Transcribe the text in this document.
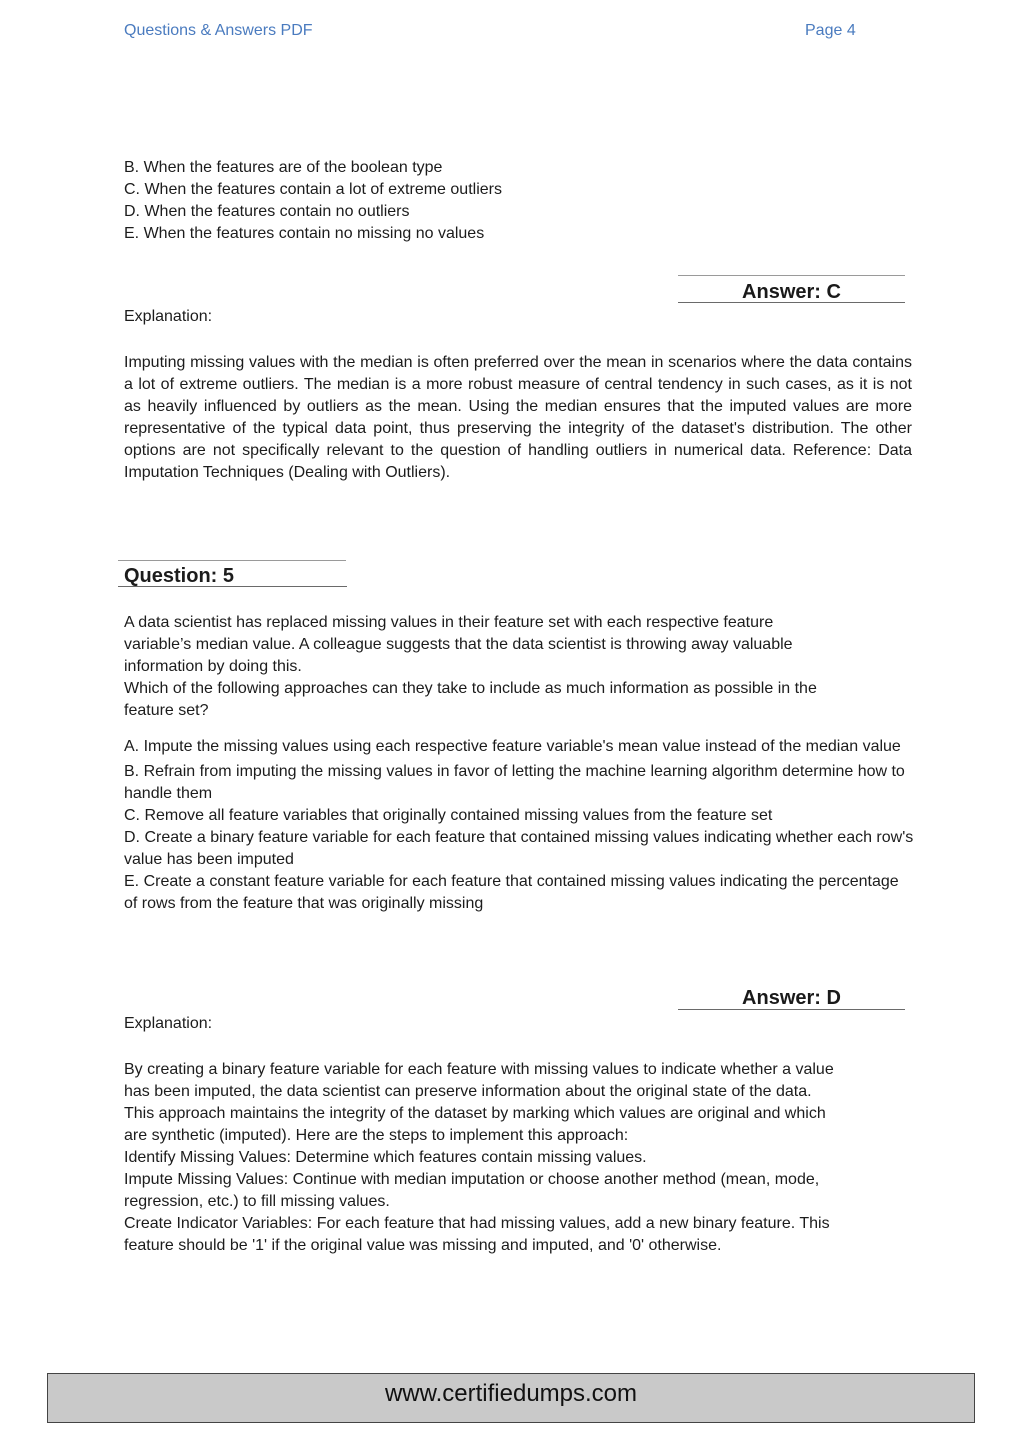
Questions & Answers PDF	Page 4
B. When the features are of the boolean type
C. When the features contain a lot of extreme outliers
D. When the features contain no outliers
E. When the features contain no missing no values
Answer: C
Explanation:
Imputing missing values with the median is often preferred over the mean in scenarios where the data contains a lot of extreme outliers. The median is a more robust measure of central tendency in such cases, as it is not as heavily influenced by outliers as the mean. Using the median ensures that the imputed values are more representative of the typical data point, thus preserving the integrity of the dataset's distribution. The other options are not specifically relevant to the question of handling outliers in numerical data. Reference: Data Imputation Techniques (Dealing with Outliers).
Question: 5
A data scientist has replaced missing values in their feature set with each respective feature
variable’s median value. A colleague suggests that the data scientist is throwing away valuable
information by doing this.
Which of the following approaches can they take to include as much information as possible in the
feature set?
A. Impute the missing values using each respective feature variable's mean value instead of the median value
B. Refrain from imputing the missing values in favor of letting the machine learning algorithm determine how to handle them
C. Remove all feature variables that originally contained missing values from the feature set
D. Create a binary feature variable for each feature that contained missing values indicating whether each row's value has been imputed
E. Create a constant feature variable for each feature that contained missing values indicating the percentage of rows from the feature that was originally missing
Answer: D
Explanation:
By creating a binary feature variable for each feature with missing values to indicate whether a value
has been imputed, the data scientist can preserve information about the original state of the data.
This approach maintains the integrity of the dataset by marking which values are original and which
are synthetic (imputed). Here are the steps to implement this approach:
Identify Missing Values: Determine which features contain missing values.
Impute Missing Values: Continue with median imputation or choose another method (mean, mode,
regression, etc.) to fill missing values.
Create Indicator Variables: For each feature that had missing values, add a new binary feature. This
feature should be '1' if the original value was missing and imputed, and '0' otherwise.
www.certifiedumps.com
